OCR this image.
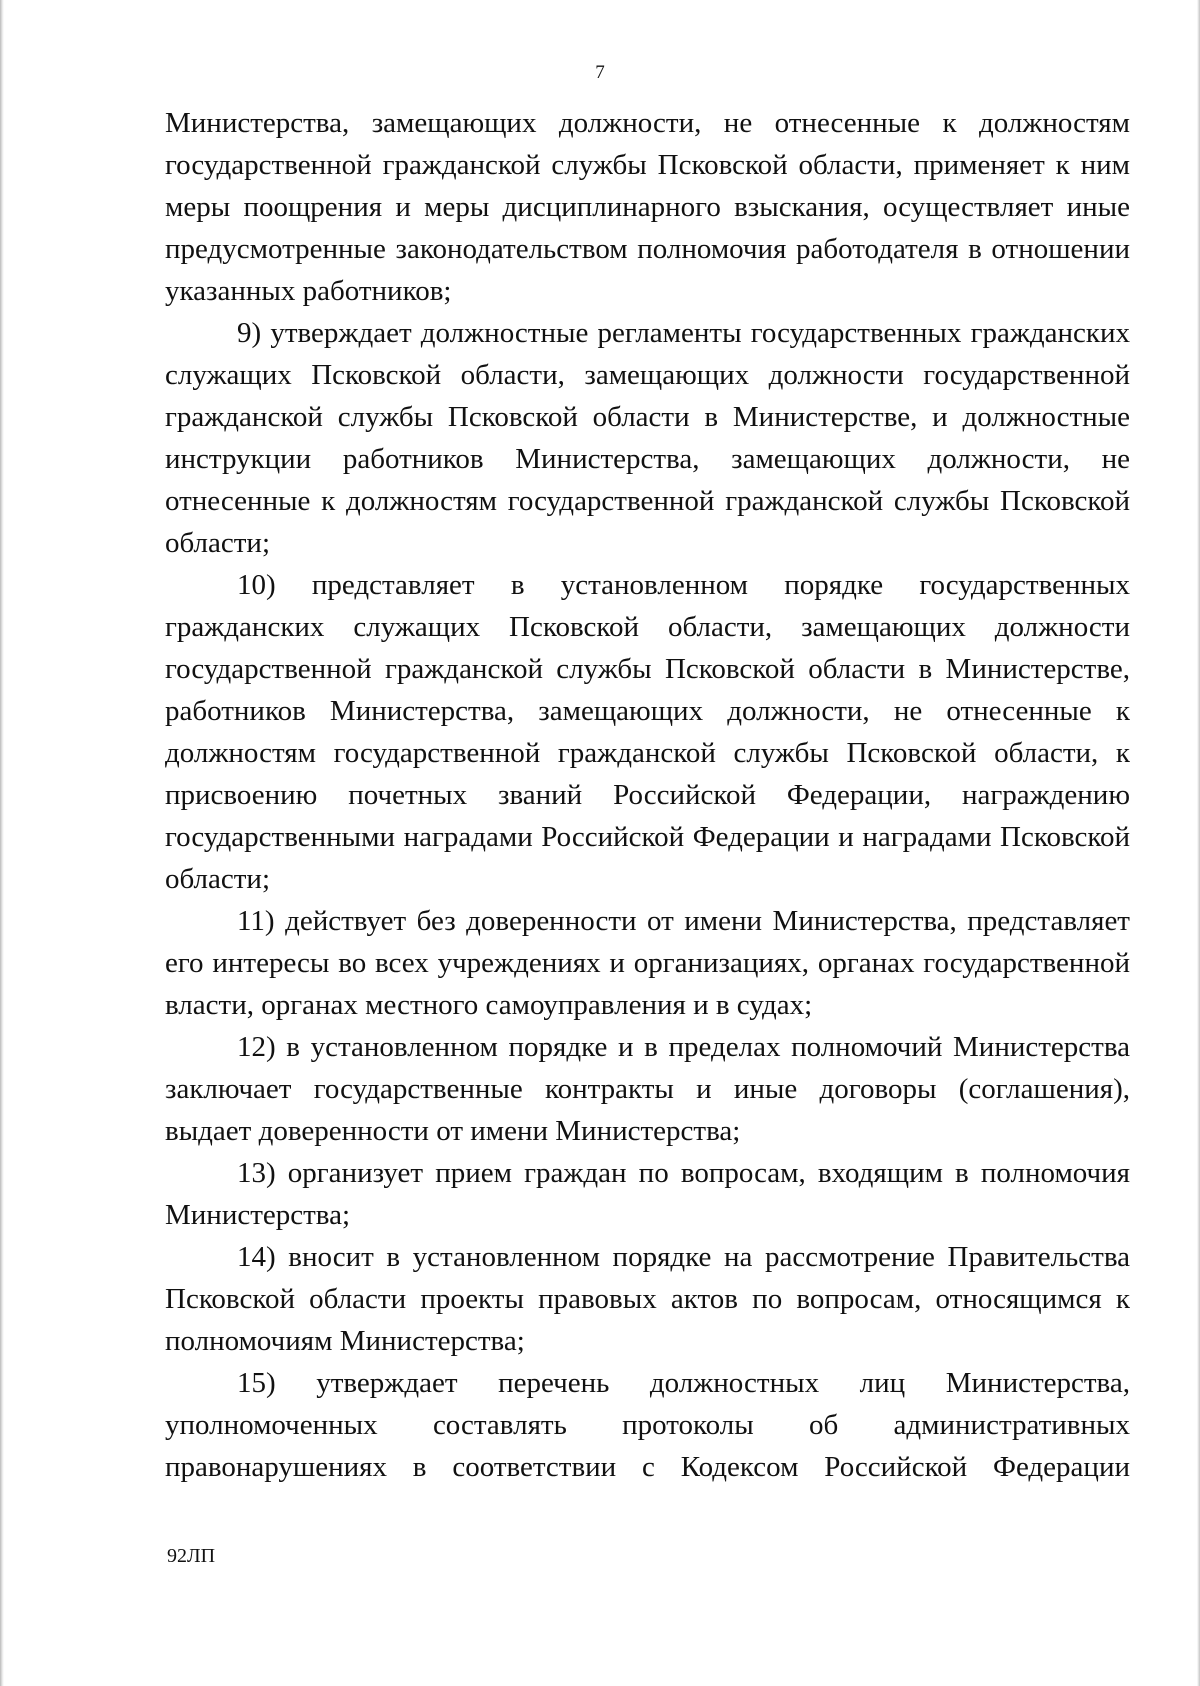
7

Министерства, замещающих должности, не отнесенные к должностям государственной гражданской службы Псковской области, применяет к ним меры поощрения и меры дисциплинарного взыскания, осуществляет иные предусмотренные законодательством полномочия работодателя в отношении указанных работников;

9) утверждает должностные регламенты государственных гражданских служащих Псковской области, замещающих должности государственной гражданской службы Псковской области в Министерстве, и должностные инструкции работников Министерства, замещающих должности, не отнесенные к должностям государственной гражданской службы Псковской области;

10) представляет в установленном порядке государственных гражданских служащих Псковской области, замещающих должности государственной гражданской службы Псковской области в Министерстве, работников Министерства, замещающих должности, не отнесенные к должностям государственной гражданской службы Псковской области, к присвоению почетных званий Российской Федерации, награждению государственными наградами Российской Федерации и наградами Псковской области;

11) действует без доверенности от имени Министерства, представляет его интересы во всех учреждениях и организациях, органах государственной власти, органах местного самоуправления и в судах;

12) в установленном порядке и в пределах полномочий Министерства заключает государственные контракты и иные договоры (соглашения), выдает доверенности от имени Министерства;

13) организует прием граждан по вопросам, входящим в полномочия Министерства;

14) вносит в установленном порядке на рассмотрение Правительства Псковской области проекты правовых актов по вопросам, относящимся к полномочиям Министерства;

15) утверждает перечень должностных лиц Министерства, уполномоченных составлять протоколы об административных правонарушениях в соответствии с Кодексом Российской Федерации

92ЛП
